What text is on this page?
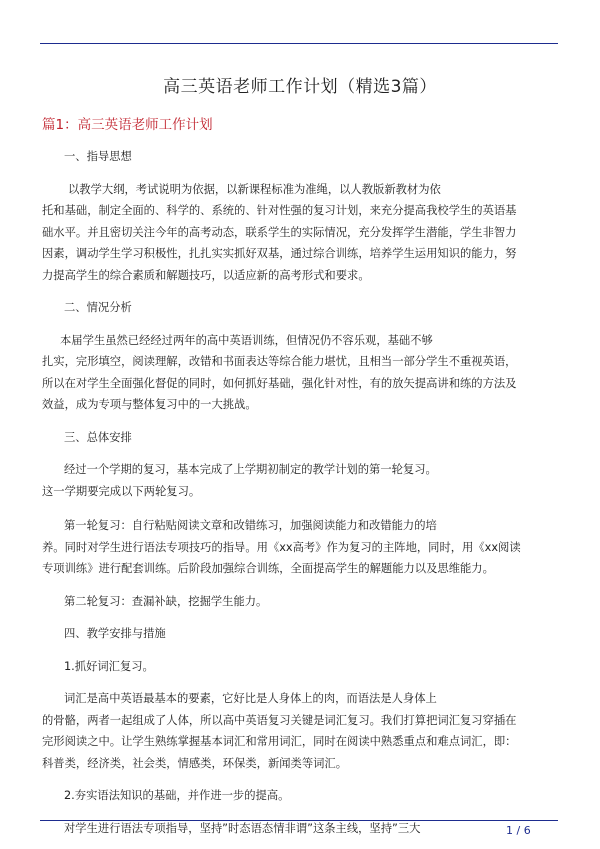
高三英语老师工作计划（精选3篇）
篇1：高三英语老师工作计划
一、指导思想
以教学大纲，考试说明为依据，以新课程标准为准绳，以人教版新教材为依
托和基础，制定全面的、科学的、系统的、针对性强的复习计划，来充分提高我校学生的英语基
础水平。并且密切关注今年的高考动态，联系学生的实际情况，充分发挥学生潜能，学生非智力
因素，调动学生学习积极性，扎扎实实抓好双基，通过综合训练，培养学生运用知识的能力，努
力提高学生的综合素质和解题技巧，以适应新的高考形式和要求。
二、情况分析
本届学生虽然已经经过两年的高中英语训练，但情况仍不容乐观，基础不够
扎实，完形填空，阅读理解，改错和书面表达等综合能力堪忧，且相当一部分学生不重视英语，
所以在对学生全面强化督促的同时，如何抓好基础，强化针对性，有的放矢提高讲和练的方法及
效益，成为专项与整体复习中的一大挑战。
三、总体安排
经过一个学期的复习，基本完成了上学期初制定的教学计划的第一轮复习。
这一学期要完成以下两轮复习。
第一轮复习：自行粘贴阅读文章和改错练习，加强阅读能力和改错能力的培
养。同时对学生进行语法专项技巧的指导。用《xx高考》作为复习的主阵地，同时，用《xx阅读
专项训练》进行配套训练。后阶段加强综合训练，全面提高学生的解题能力以及思维能力。
第二轮复习：查漏补缺，挖掘学生能力。
四、教学安排与措施
1.抓好词汇复习。
词汇是高中英语最基本的要素，它好比是人身体上的肉，而语法是人身体上
的骨骼，两者一起组成了人体，所以高中英语复习关键是词汇复习。我们打算把词汇复习穿插在
完形阅读之中。让学生熟练掌握基本词汇和常用词汇，同时在阅读中熟悉重点和难点词汇，即：
科普类，经济类，社会类，情感类，环保类，新闻类等词汇。
2.夯实语法知识的基础，并作进一步的提高。
对学生进行语法专项指导，坚持”时态语态情非谓”这条主线，坚持”三大	1 / 6
